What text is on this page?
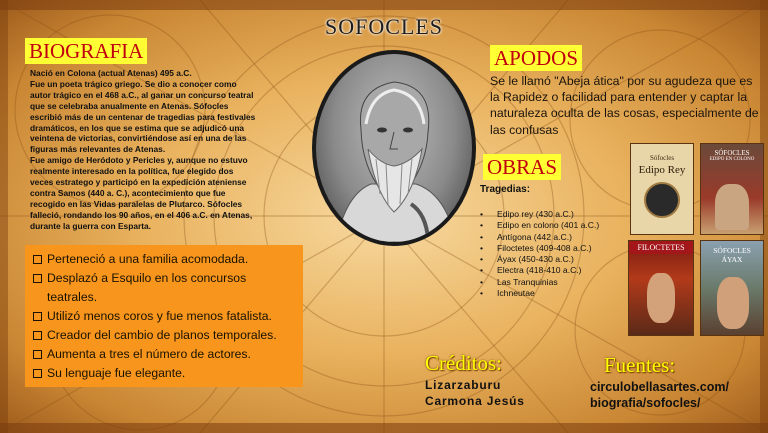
SOFOCLES
BIOGRAFIA

Nació en Colona (actual Atenas) 495 a.C.

Fue un poeta trágico griego. Se dio a conocer como

autor trágico en el 468 a.C., al ganar un concurso teatral

que se celebraba anualmente en Atenas. Sófocles

escribió más de un centenar de tragedias para festivales

dramáticos, en los que se estima que se adjudicó una

veintena de victorias, convirtiéndose así en una de las

figuras más relevantes de Atenas.

Fue amigo de Heródoto y Pericles y, aunque no estuvo

realmente interesado en la política, fue elegido dos

veces estratego y participó en la expedición ateniense

contra Samos (440 a. C.), acontecimiento que fue

recogido en las Vidas paralelas de Plutarco. Sófocles

falleció, rondando los 90 años, en el 406 a.C. en Atenas,

durante la guerra con Esparta.

Perteneció a una familia acomodada.
Desplazó a Esquilo en los concursos teatrales.
Utilizó menos coros y fue menos fatalista.
Creador del cambio de planos temporales.
Aumenta a tres el número de actores.
Su lenguaje fue elegante.
APODOS
Se le llamó "Abeja ática" por su agudeza que es la Rapidez o facilidad para entender y captar la naturaleza oculta de las cosas, especialmente de las confusas
OBRAS
Tragedias:
• Edipo rey (430 a.C.)
• Edipo en colono (401 a.C.)
• Antígona (442 a.C.)
• Filoctetes (409-408 a.C.)
• Áyax (450-430 a.C.)
• Electra (418-410 a.C.)
• Las Tranquinias
• Ichneutae
Sófocles
Edipo Rey
SÓFOCLES
EDIPO EN COLONO
FILOCTETES	SÓFOCLES
ÁYAX
Créditos:
Lizarzaburu
Carmona Jesús
Fuentes:
circulobellasartes.com/
biografia/sofocles/
